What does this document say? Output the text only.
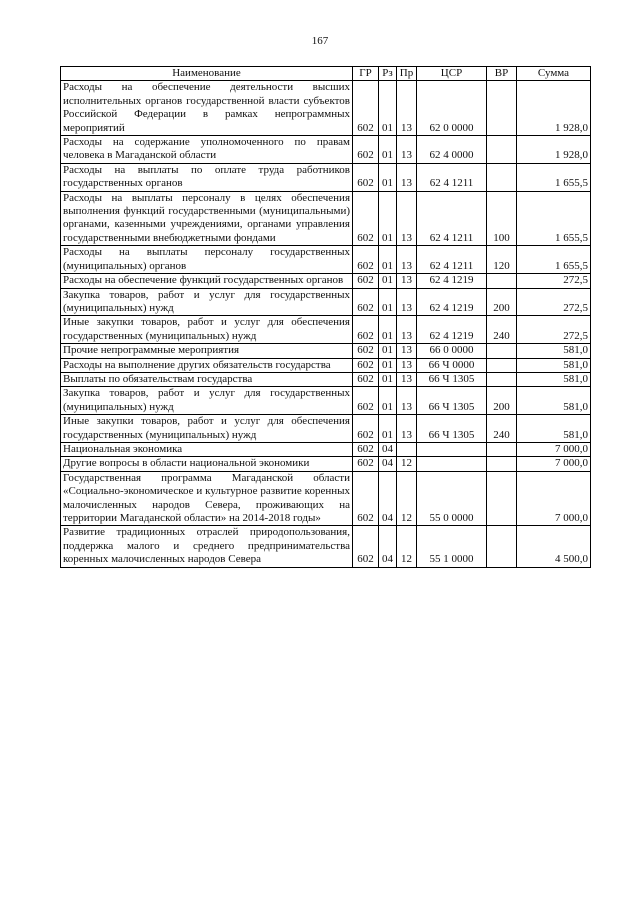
167
Наименование	ГР	Рз	Пр	ЦСР	ВР	Сумма
Расходы на обеспечение деятельности высших исполнительных органов государственной власти субъектов Российской Федерации в рамках непрограммных мероприятий	602	01	13	62 0 0000		1 928,0
Расходы на содержание уполномоченного по правам человека в Магаданской области	602	01	13	62 4 0000		1 928,0
Расходы на выплаты по оплате труда работников государственных органов	602	01	13	62 4 1211		1 655,5
Расходы на выплаты персоналу в целях обеспечения выполнения функций государственными (муниципальными) органами, казенными учреждениями, органами управления государственными внебюджетными фондами	602	01	13	62 4 1211	100	1 655,5
Расходы на выплаты персоналу государственных (муниципальных) органов	602	01	13	62 4 1211	120	1 655,5
Расходы на обеспечение функций государственных органов	602	01	13	62 4 1219		272,5
Закупка товаров, работ и услуг для государственных (муниципальных) нужд	602	01	13	62 4 1219	200	272,5
Иные закупки товаров, работ и услуг для обеспечения государственных (муниципальных) нужд	602	01	13	62 4 1219	240	272,5
Прочие непрограммные мероприятия	602	01	13	66 0 0000		581,0
Расходы на выполнение других обязательств государства	602	01	13	66 Ч 0000		581,0
Выплаты по обязательствам государства	602	01	13	66 Ч 1305		581,0
Закупка товаров, работ и услуг для государственных (муниципальных) нужд	602	01	13	66 Ч 1305	200	581,0
Иные закупки товаров, работ и услуг для обеспечения государственных (муниципальных) нужд	602	01	13	66 Ч 1305	240	581,0
Национальная экономика	602	04				7 000,0
Другие вопросы в области национальной экономики	602	04	12			7 000,0
Государственная программа Магаданской области «Социально-экономическое и культурное развитие коренных малочисленных народов Севера, проживающих на территории Магаданской области» на 2014-2018 годы»	602	04	12	55 0 0000		7 000,0
Развитие традиционных отраслей природопользования, поддержка малого и среднего предпринимательства коренных малочисленных народов Севера	602	04	12	55 1 0000		4 500,0
